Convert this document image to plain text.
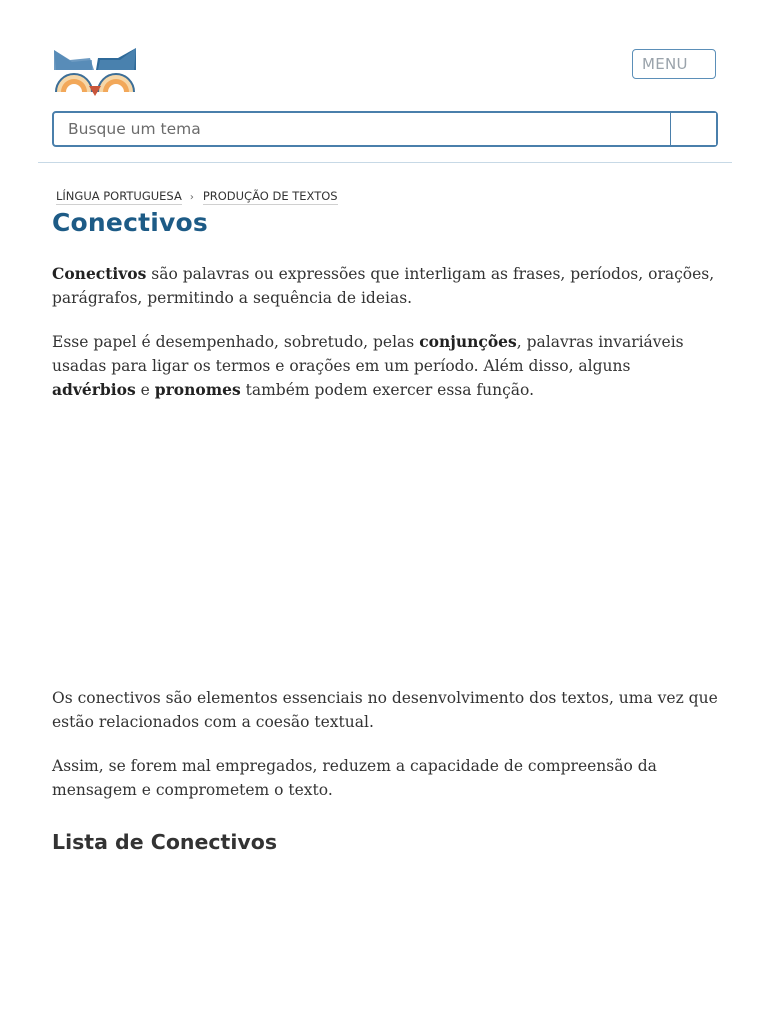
MENU
Busque um tema
LÍNGUA PORTUGUESA › PRODUÇÃO DE TEXTOS
Conectivos

Conectivos são palavras ou expressões que interligam as frases, períodos, orações, parágrafos, permitindo a sequência de ideias.

Esse papel é desempenhado, sobretudo, pelas conjunções, palavras invariáveis usadas para ligar os termos e orações em um período. Além disso, alguns advérbios e pronomes também podem exercer essa função.

Os conectivos são elementos essenciais no desenvolvimento dos textos, uma vez que estão relacionados com a coesão textual.

Assim, se forem mal empregados, reduzem a capacidade de compreensão da mensagem e comprometem o texto.

Lista de Conectivos
